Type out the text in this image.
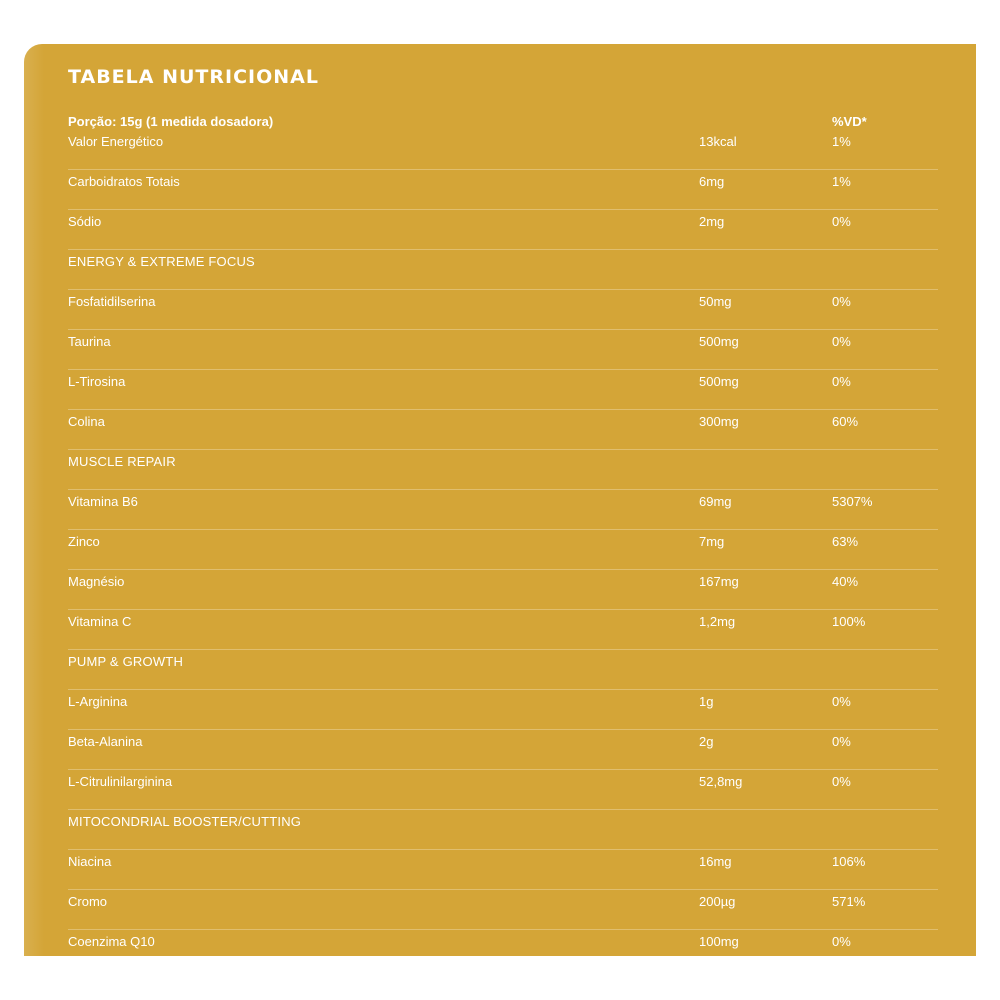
TABELA NUTRICIONAL
Porção: 15g (1 medida dosadora)	%VD*
Valor Energético	13kcal	1%
Carboidratos Totais	6mg	1%
Sódio	2mg	0%
ENERGY & EXTREME FOCUS
Fosfatidilserina	50mg	0%
Taurina	500mg	0%
L-Tirosina	500mg	0%
Colina	300mg	60%
MUSCLE REPAIR
Vitamina B6	69mg	5307%
Zinco	7mg	63%
Magnésio	167mg	40%
Vitamina C	1,2mg	100%
PUMP & GROWTH
L-Arginina	1g	0%
Beta-Alanina	2g	0%
L-Citrulinilarginina	52,8mg	0%
MITOCONDRIAL BOOSTER/CUTTING
Niacina	16mg	106%
Cromo	200µg	571%
Coenzima Q10	100mg	0%
